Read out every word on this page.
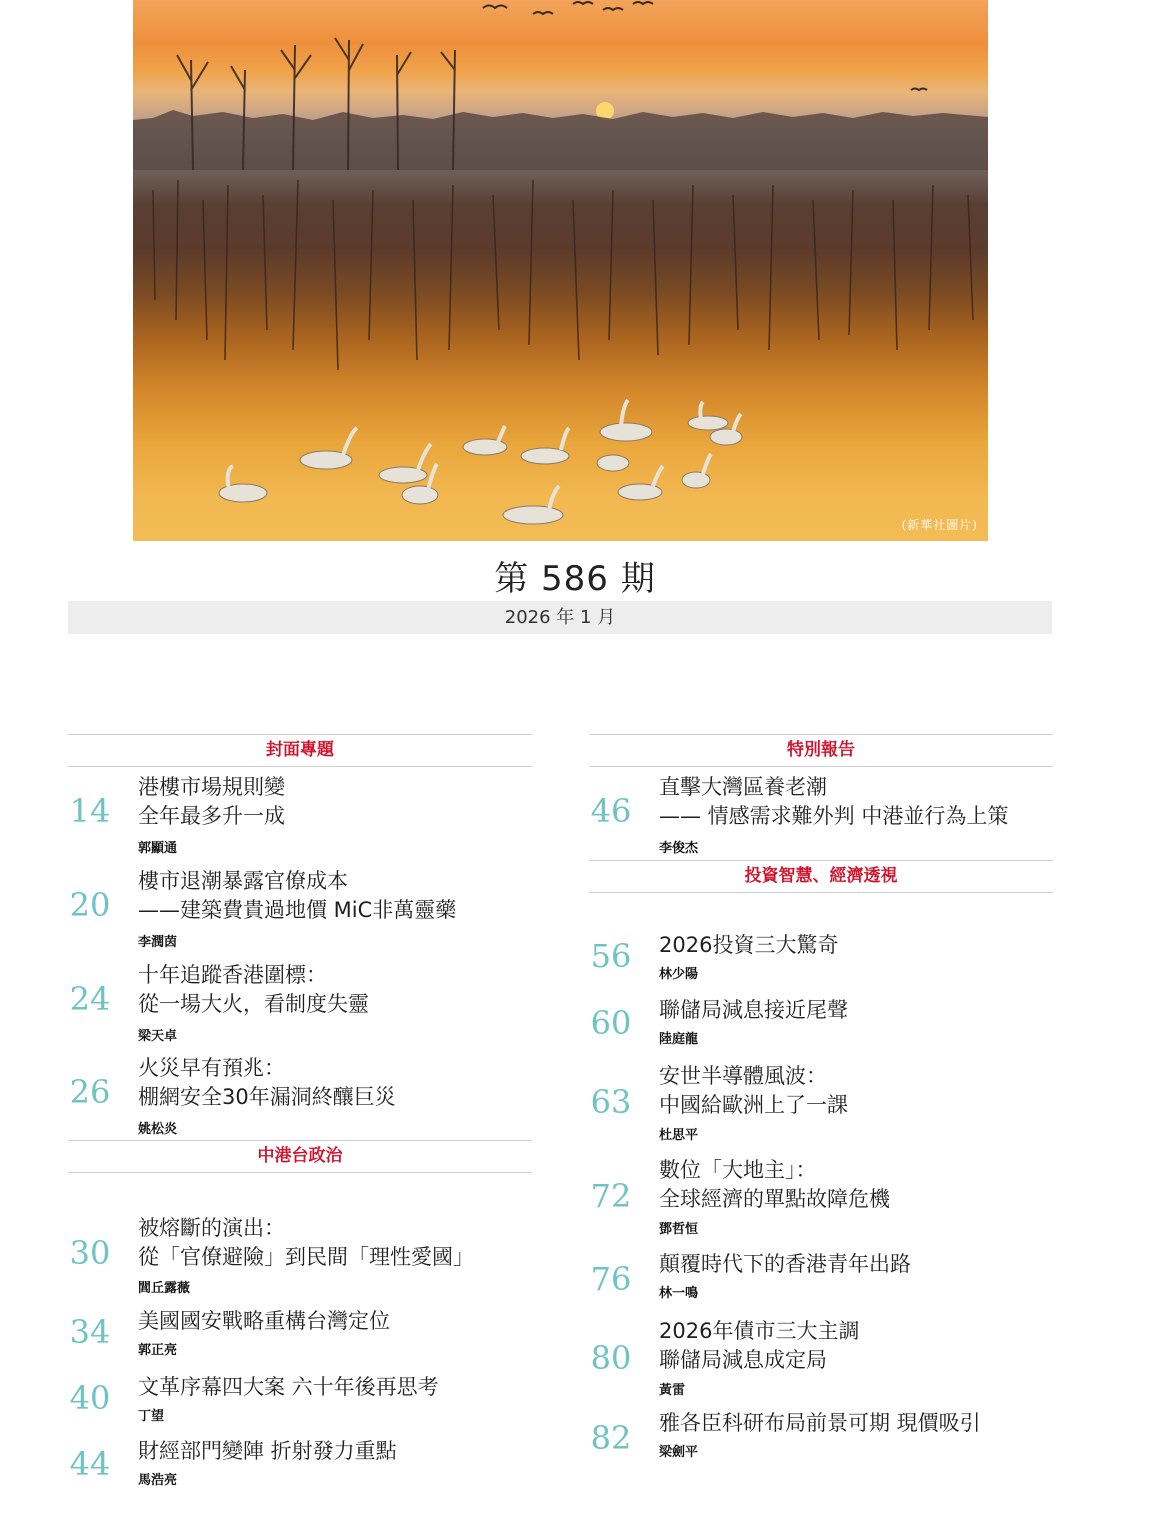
(新華社圖片)
第 586 期
2026 年 1 月
封面專題
14
港樓市場規則變
全年最多升一成
郭顯通
20
樓市退潮暴露官僚成本
——建築費貴過地價 MiC非萬靈藥
李潤茵
24
十年追蹤香港圍標：
從一場大火，看制度失靈
梁天卓
26
火災早有預兆：
棚網安全30年漏洞終釀巨災
姚松炎
中港台政治
30
被熔斷的演出：
從「官僚避險」到民間「理性愛國」
閭丘露薇
34 美國國安戰略重構台灣定位
郭正亮
40 文革序幕四大案 六十年後再思考
丁望
44 財經部門變陣 折射發力重點
馬浩亮
特別報告
46
直擊大灣區養老潮
—— 情感需求難外判 中港並行為上策
李俊杰
投資智慧、經濟透視
56 2026投資三大驚奇
林少陽
60 聯儲局減息接近尾聲
陸庭龍
63
安世半導體風波：
中國給歐洲上了一課
杜思平
72
數位「大地主」：
全球經濟的單點故障危機
鄧哲恒
76 顛覆時代下的香港青年出路
林一鳴
80
2026年債市三大主調
聯儲局減息成定局
黃雷
82 雅各臣科研布局前景可期 現價吸引
梁劍平
